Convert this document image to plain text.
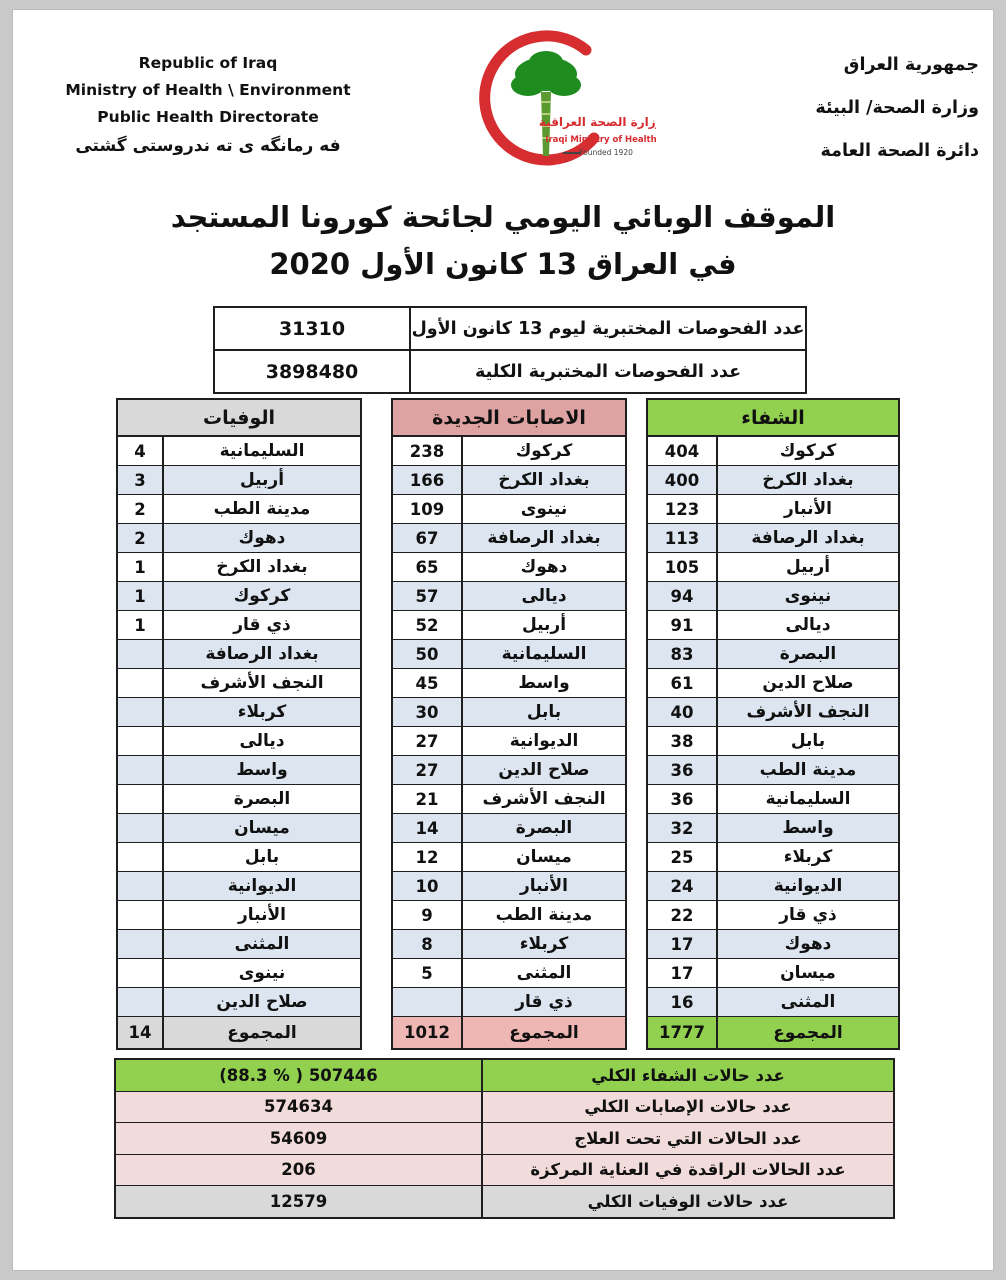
Republic of Iraq
Ministry of Health \ Environment
Public Health Directorate
فه رمانگه ى ته ندروستى گشتى
وزارة الصحة العراقية
Iraqi Ministry of Health
Founded 1920
جمهورية العراق
وزارة الصحة/ البيئة
دائرة الصحة العامة
الموقف الوبائي اليومي لجائحة كورونا المستجد
في العراق 13 كانون الأول 2020
31310	عدد الفحوصات المختبرية ليوم 13 كانون الأول
3898480	عدد الفحوصات المختبرية الكلية
الوفيات
4	السليمانية
3	أربيل
2	مدينة الطب
2	دهوك
1	بغداد الكرخ
1	كركوك
1	ذي قار
بغداد الرصافة
النجف الأشرف
كربلاء
ديالى
واسط
البصرة
ميسان
بابل
الديوانية
الأنبار
المثنى
نينوى
صلاح الدين
14	المجموع
الاصابات الجديدة
238	كركوك
166	بغداد الكرخ
109	نينوى
67	بغداد الرصافة
65	دهوك
57	ديالى
52	أربيل
50	السليمانية
45	واسط
30	بابل
27	الديوانية
27	صلاح الدين
21	النجف الأشرف
14	البصرة
12	ميسان
10	الأنبار
9	مدينة الطب
8	كربلاء
5	المثنى
ذي قار
1012	المجموع
الشفاء
404	كركوك
400	بغداد الكرخ
123	الأنبار
113	بغداد الرصافة
105	أربيل
94	نينوى
91	ديالى
83	البصرة
61	صلاح الدين
40	النجف الأشرف
38	بابل
36	مدينة الطب
36	السليمانية
32	واسط
25	كربلاء
24	الديوانية
22	ذي قار
17	دهوك
17	ميسان
16	المثنى
1777	المجموع
(88.3 % ) 507446	عدد حالات الشفاء الكلي
574634	عدد حالات الإصابات الكلي
54609	عدد الحالات التي تحت العلاج
206	عدد الحالات الراقدة في العناية المركزة
12579	عدد حالات الوفيات الكلي
